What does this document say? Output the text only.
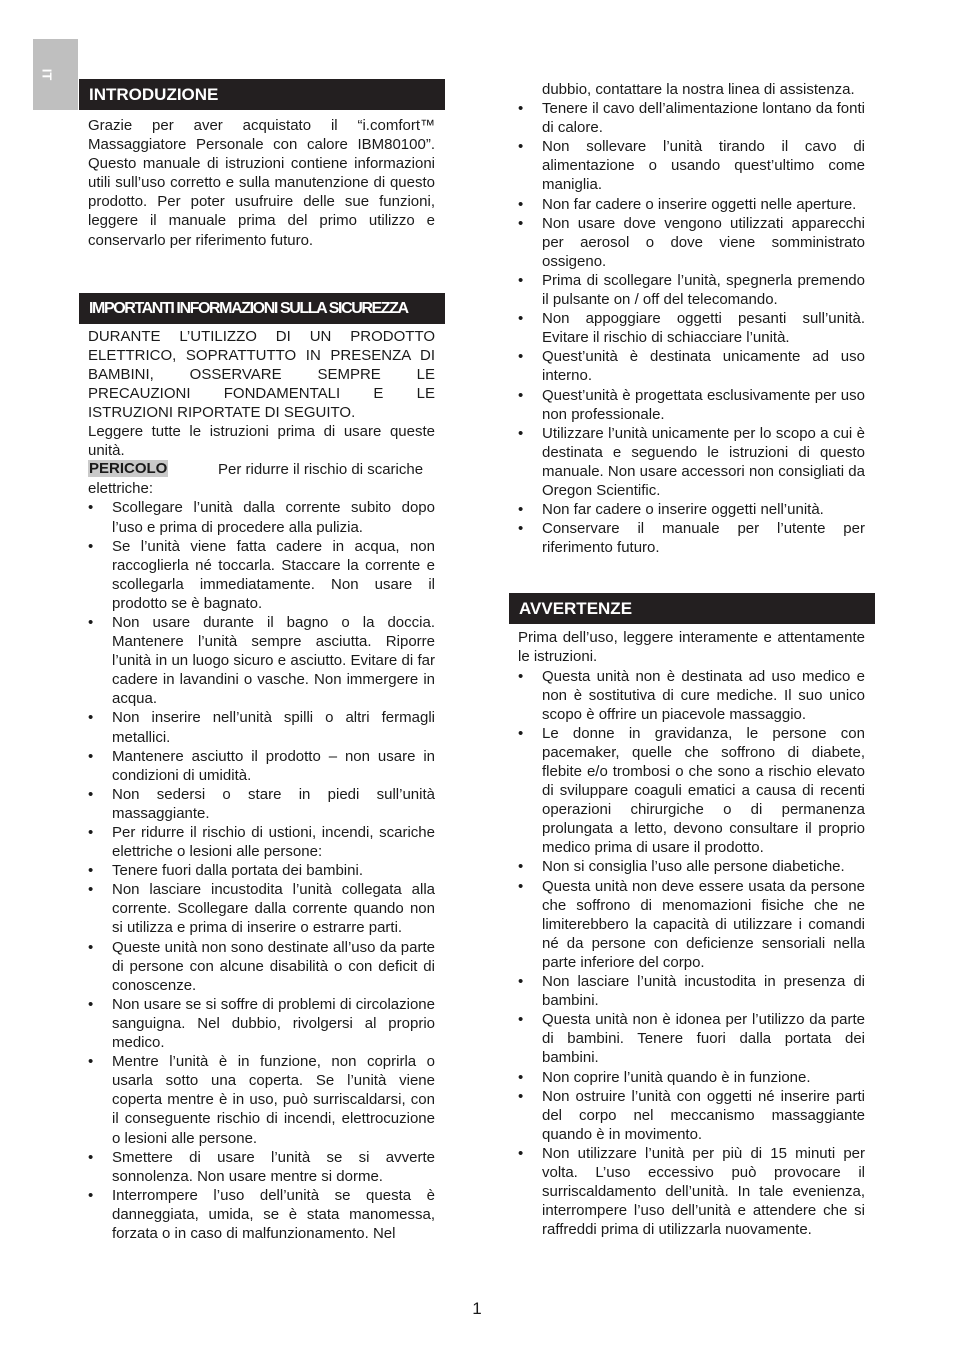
IT
INTRODUZIONE

Grazie per aver acquistato il “i.comfort™ Massaggiatore Personale con calore IBM80100”. Questo manuale di istruzioni contiene informazioni utili sull’uso corretto e sulla manutenzione di questo prodotto. Per poter usufruire delle sue funzioni, leggere il manuale prima del primo utilizzo e conservarlo per riferimento futuro.

IMPORTANTI INFORMAZIONI SULLA SICUREZZA

DURANTE L’UTILIZZO DI UN PRODOTTO ELETTRICO, SOPRATTUTTO IN PRESENZA DI BAMBINI, OSSERVARE SEMPRE LE PRECAUZIONI FONDAMENTALI E LE ISTRUZIONI RIPORTATE DI SEGUITO.

Leggere tutte le istruzioni prima di usare queste unità.

PERICOLO	Per ridurre il rischio di scariche

elettriche:

• Scollegare l’unità dalla corrente subito dopo l’uso e prima di procedere alla pulizia.
• Se l’unità viene fatta cadere in acqua, non raccoglierla né toccarla. Staccare la corrente e scollegarla immediatamente. Non usare il prodotto se è bagnato.
• Non usare durante il bagno o la doccia. Mantenere l’unità sempre asciutta. Riporre l’unità in un luogo sicuro e asciutto. Evitare di far cadere in lavandini o vasche. Non immergere in acqua.
• Non inserire nell’unità spilli o altri fermagli metallici.
• Mantenere asciutto il prodotto – non usare in condizioni di umidità.
• Non sedersi o stare in piedi sull’unità massaggiante.
• Per ridurre il rischio di ustioni, incendi, scariche elettriche o lesioni alle persone:
• Tenere fuori dalla portata dei bambini.
• Non lasciare incustodita l’unità collegata alla corrente. Scollegare dalla corrente quando non si utilizza e prima di inserire o estrarre parti.
• Queste unità non sono destinate all’uso da parte di persone con alcune disabilità o con deficit di conoscenze.
• Non usare se si soffre di problemi di circolazione sanguigna. Nel dubbio, rivolgersi al proprio medico.
• Mentre l’unità è in funzione, non coprirla o usarla sotto una coperta. Se l’unità viene coperta mentre è in uso, può surriscaldarsi, con il conseguente rischio di incendi, elettrocuzione o lesioni alle persone.
• Smettere di usare l’unità se si avverte sonnolenza. Non usare mentre si dorme.
• Interrompere l’uso dell’unità se questa è danneggiata, umida, se è stata manomessa, forzata o in caso di malfunzionamento. Nel
dubbio, contattare la nostra linea di assistenza.
• Tenere il cavo dell’alimentazione lontano da fonti di calore.
• Non sollevare l’unità tirando il cavo di alimentazione o usando quest’ultimo come maniglia.
• Non far cadere o inserire oggetti nelle aperture.
• Non usare dove vengono utilizzati apparecchi per aerosol o dove viene somministrato ossigeno.
• Prima di scollegare l’unità, spegnerla premendo il pulsante on / off del telecomando.
• Non appoggiare oggetti pesanti sull’unità. Evitare il rischio di schiacciare l’unità.
• Quest’unità è destinata unicamente ad uso interno.
• Quest’unità è progettata esclusivamente per uso non professionale.
• Utilizzare l’unità unicamente per lo scopo a cui è destinata e seguendo le istruzioni di questo manuale. Non usare accessori non consigliati da Oregon Scientific.
• Non far cadere o inserire oggetti nell’unità.
• Conservare il manuale per l’utente per riferimento futuro.
AVVERTENZE

Prima dell’uso, leggere interamente e attentamente le istruzioni.

• Questa unità non è destinata ad uso medico e non è sostitutiva di cure mediche. Il suo unico scopo è offrire un piacevole massaggio.
• Le donne in gravidanza, le persone con pacemaker, quelle che soffrono di diabete, flebite e/o trombosi o che sono a rischio elevato di sviluppare coaguli ematici a causa di recenti operazioni chirurgiche o di permanenza prolungata a letto, devono consultare il proprio medico prima di usare il prodotto.
• Non si consiglia l’uso alle persone diabetiche.
• Questa unità non deve essere usata da persone che soffrono di menomazioni fisiche che ne limiterebbero la capacità di utilizzare i comandi né da persone con deficienze sensoriali nella parte inferiore del corpo.
• Non lasciare l’unità incustodita in presenza di bambini.
• Questa unità non è idonea per l’utilizzo da parte di bambini. Tenere fuori dalla portata dei bambini.
• Non coprire l’unità quando è in funzione.
• Non ostruire l’unità con oggetti né inserire parti del corpo nel meccanismo massaggiante quando è in movimento.
• Non utilizzare l’unità per più di 15 minuti per volta. L’uso eccessivo può provocare il surriscaldamento dell’unità. In tale evenienza, interrompere l’uso dell’unità e attendere che si raffreddi prima di utilizzarla nuovamente.
1
